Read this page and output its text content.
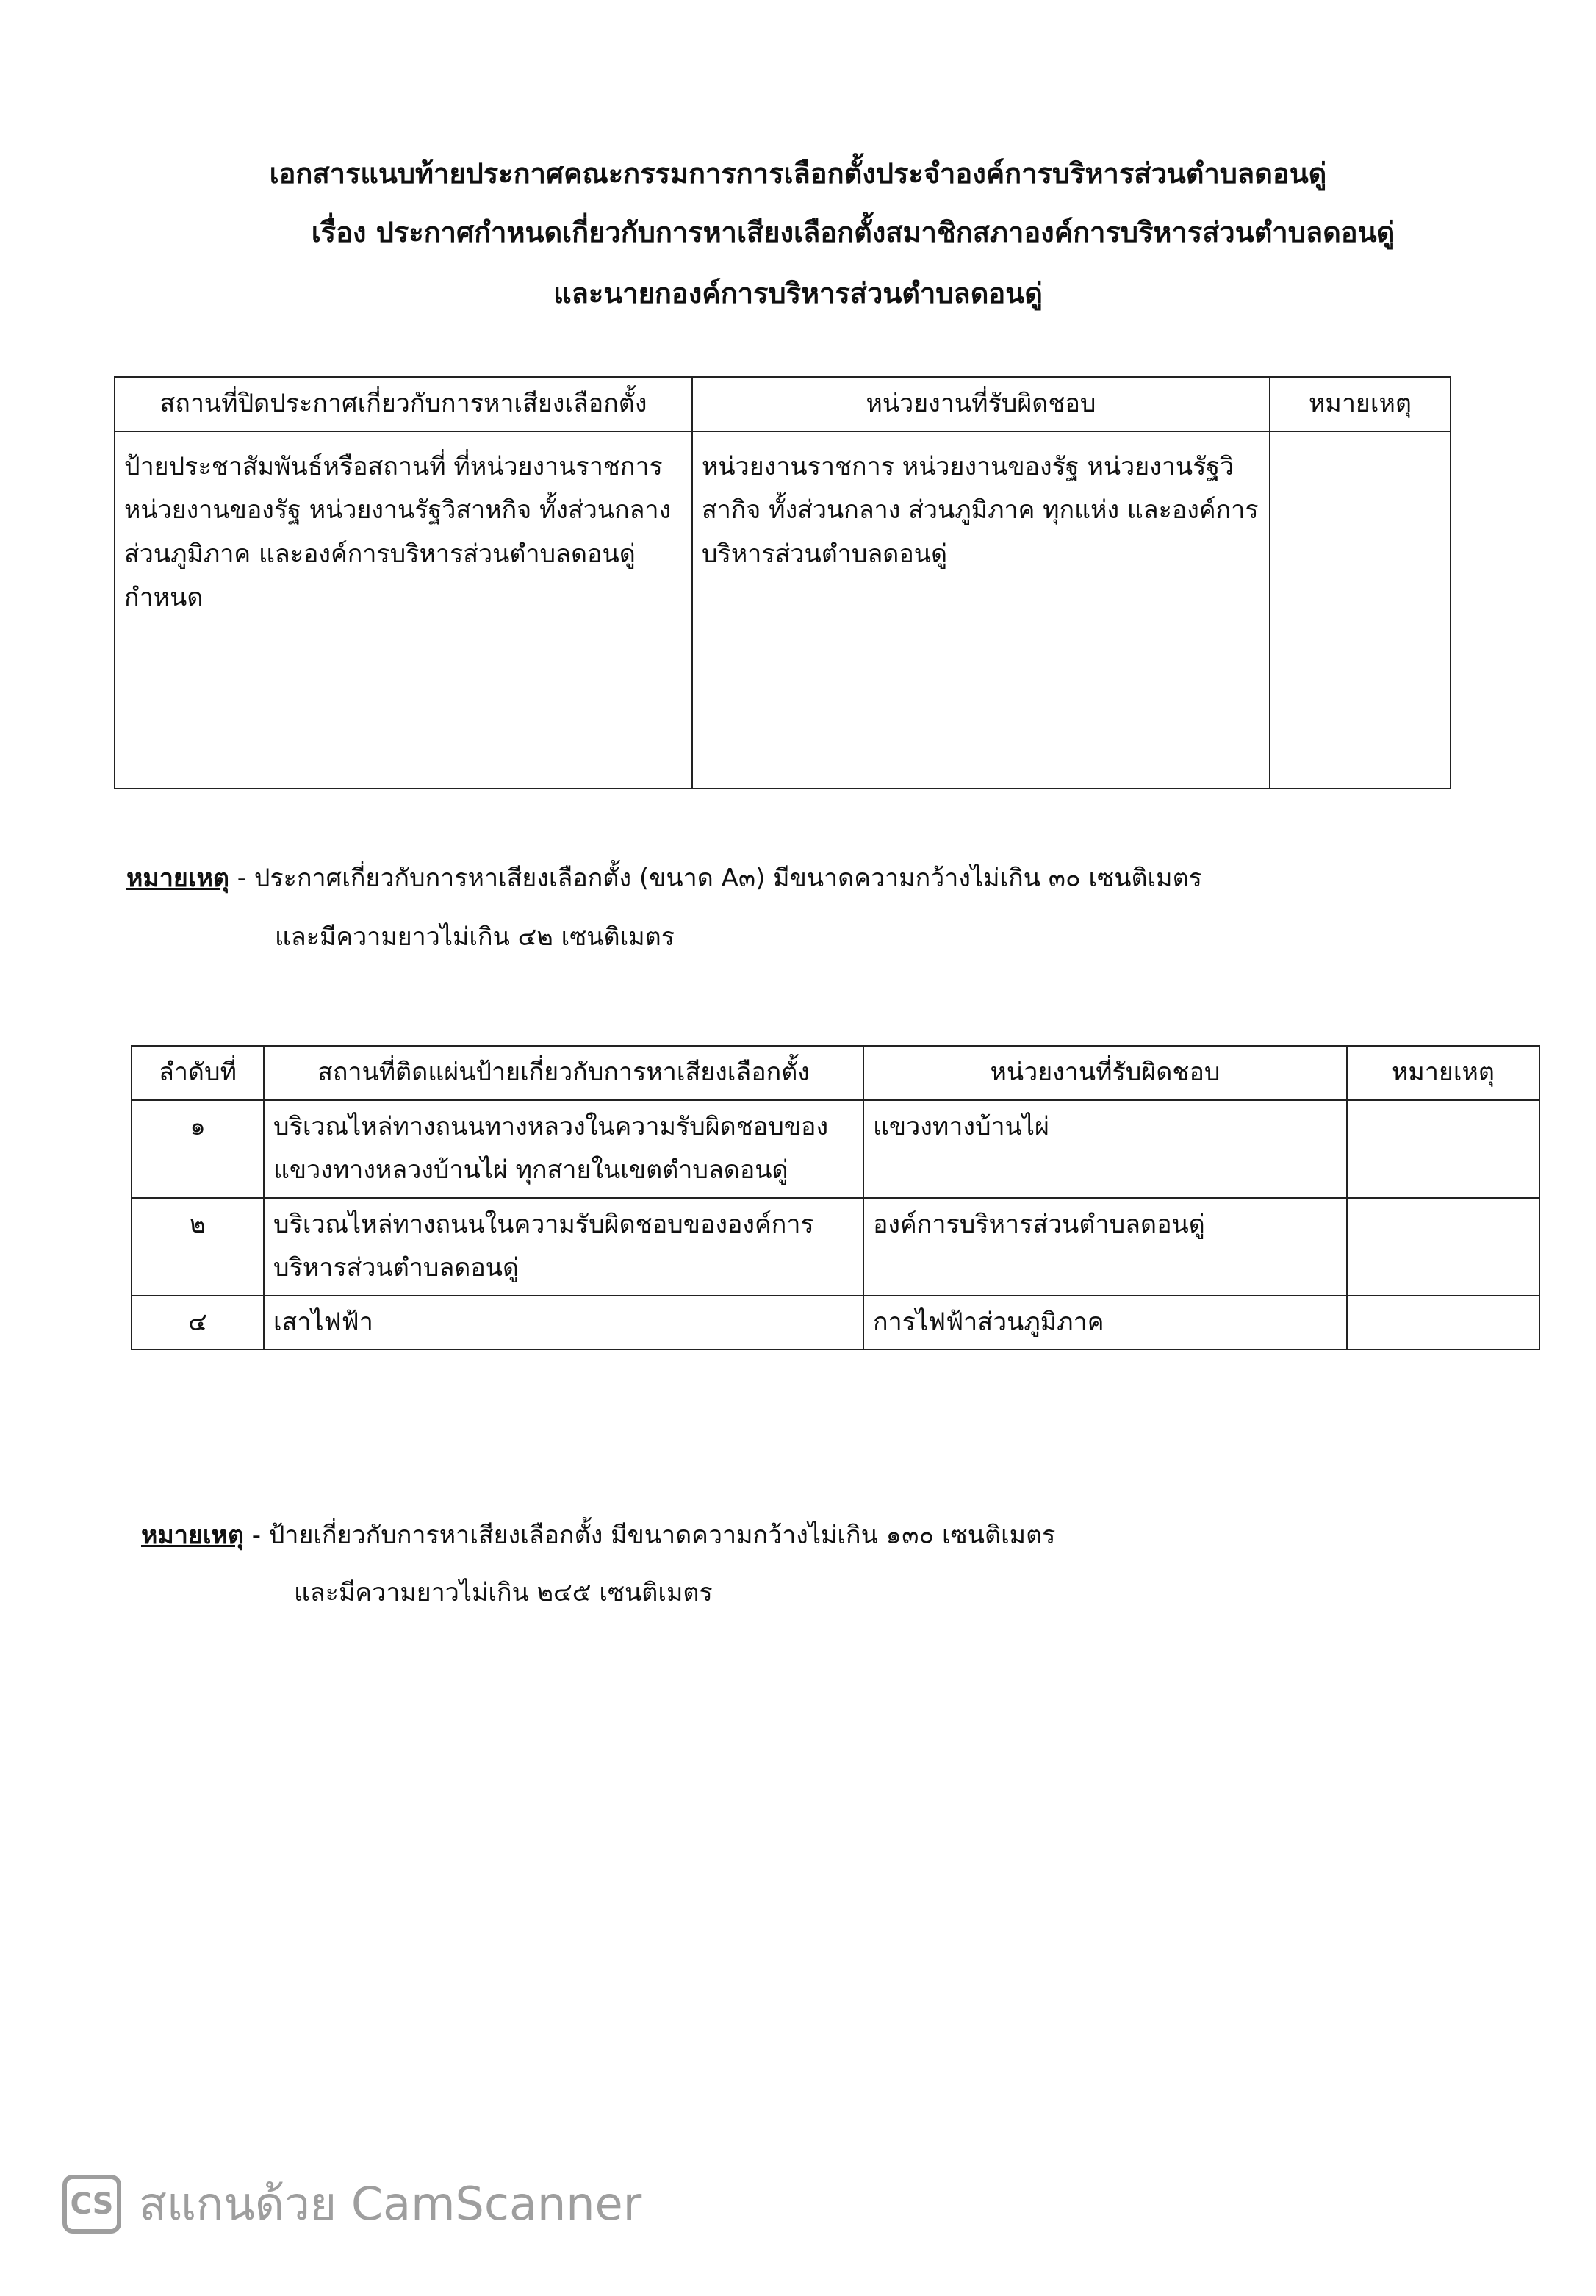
เอกสารแนบท้ายประกาศคณะกรรมการการเลือกตั้งประจำองค์การบริหารส่วนตำบลดอนดู่
เรื่อง ประกาศกำหนดเกี่ยวกับการหาเสียงเลือกตั้งสมาชิกสภาองค์การบริหารส่วนตำบลดอนดู่
และนายกองค์การบริหารส่วนตำบลดอนดู่
สถานที่ปิดประกาศเกี่ยวกับการหาเสียงเลือกตั้ง	หน่วยงานที่รับผิดชอบ	หมายเหตุ
ป้ายประชาสัมพันธ์หรือสถานที่ ที่หน่วยงานราชการหน่วยงานของรัฐ หน่วยงานรัฐวิสาหกิจ ทั้งส่วนกลาง ส่วนภูมิภาค และองค์การบริหารส่วนตำบลดอนดู่กำหนด	หน่วยงานราชการ หน่วยงานของรัฐ หน่วยงานรัฐวิสากิจ ทั้งส่วนกลาง ส่วนภูมิภาค ทุกแห่ง และองค์การบริหารส่วนตำบลดอนดู่	
หมายเหตุ - ประกาศเกี่ยวกับการหาเสียงเลือกตั้ง (ขนาด A๓) มีขนาดความกว้างไม่เกิน ๓๐ เซนติเมตร
และมีความยาวไม่เกิน ๔๒ เซนติเมตร
ลำดับที่	สถานที่ติดแผ่นป้ายเกี่ยวกับการหาเสียงเลือกตั้ง	หน่วยงานที่รับผิดชอบ	หมายเหตุ
๑	บริเวณไหล่ทางถนนทางหลวงในความรับผิดชอบของแขวงทางหลวงบ้านไผ่ ทุกสายในเขตตำบลดอนดู่	แขวงทางบ้านไผ่	
๒	บริเวณไหล่ทางถนนในความรับผิดชอบขององค์การบริหารส่วนตำบลดอนดู่	องค์การบริหารส่วนตำบลดอนดู่	
๔	เสาไฟฟ้า	การไฟฟ้าส่วนภูมิภาค	
หมายเหตุ - ป้ายเกี่ยวกับการหาเสียงเลือกตั้ง มีขนาดความกว้างไม่เกิน ๑๓๐ เซนติเมตร
และมีความยาวไม่เกิน ๒๔๕ เซนติเมตร
CS สแกนด้วย CamScanner
